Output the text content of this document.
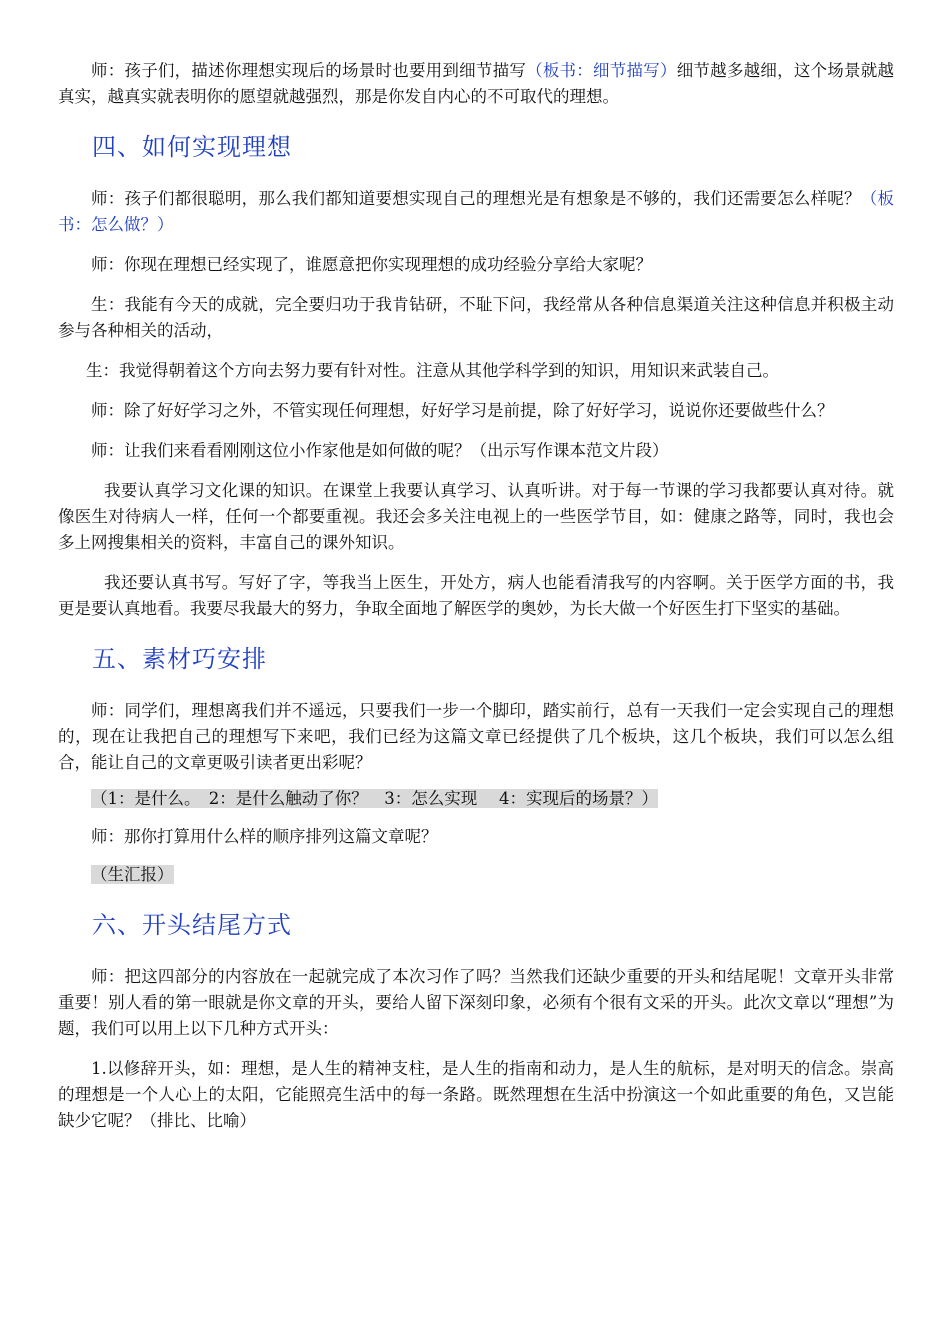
师：孩子们，描述你理想实现后的场景时也要用到细节描写（板书：细节描写）细节越多越细，这个场景就越真实，越真实就表明你的愿望就越强烈，那是你发自内心的不可取代的理想。

四、如何实现理想

师：孩子们都很聪明，那么我们都知道要想实现自己的理想光是有想象是不够的，我们还需要怎么样呢？（板书：怎么做？）

师：你现在理想已经实现了，谁愿意把你实现理想的成功经验分享给大家呢？

生：我能有今天的成就，完全要归功于我肯钻研，不耻下问，我经常从各种信息渠道关注这种信息并积极主动参与各种相关的活动，

生：我觉得朝着这个方向去努力要有针对性。注意从其他学科学到的知识，用知识来武装自己。

师：除了好好学习之外，不管实现任何理想，好好学习是前提，除了好好学习，说说你还要做些什么？

师：让我们来看看刚刚这位小作家他是如何做的呢？（出示写作课本范文片段）

我要认真学习文化课的知识。在课堂上我要认真学习、认真听讲。对于每一节课的学习我都要认真对待。就像医生对待病人一样，任何一个都要重视。我还会多关注电视上的一些医学节目，如：健康之路等，同时，我也会多上网搜集相关的资料，丰富自己的课外知识。

我还要认真书写。写好了字，等我当上医生，开处方，病人也能看清我写的内容啊。关于医学方面的书，我更是要认真地看。我要尽我最大的努力，争取全面地了解医学的奥妙，为长大做一个好医生打下坚实的基础。

五、素材巧安排

师：同学们，理想离我们并不遥远，只要我们一步一个脚印，踏实前行，总有一天我们一定会实现自己的理想的，现在让我把自己的理想写下来吧，我们已经为这篇文章已经提供了几个板块，这几个板块，我们可以怎么组合，能让自己的文章更吸引读者更出彩呢？

（1：是什么。　2：是什么触动了你？　3：怎么实现　 4：实现后的场景？）

师：那你打算用什么样的顺序排列这篇文章呢？

（生汇报）

六、开头结尾方式

师：把这四部分的内容放在一起就完成了本次习作了吗？当然我们还缺少重要的开头和结尾呢！文章开头非常重要！别人看的第一眼就是你文章的开头，要给人留下深刻印象，必须有个很有文采的开头。此次文章以“理想”为题，我们可以用上以下几种方式开头：

1.以修辞开头，如：理想，是人生的精神支柱，是人生的指南和动力，是人生的航标，是对明天的信念。崇高的理想是一个人心上的太阳，它能照亮生活中的每一条路。既然理想在生活中扮演这一个如此重要的角色，又岂能缺少它呢？（排比、比喻）
